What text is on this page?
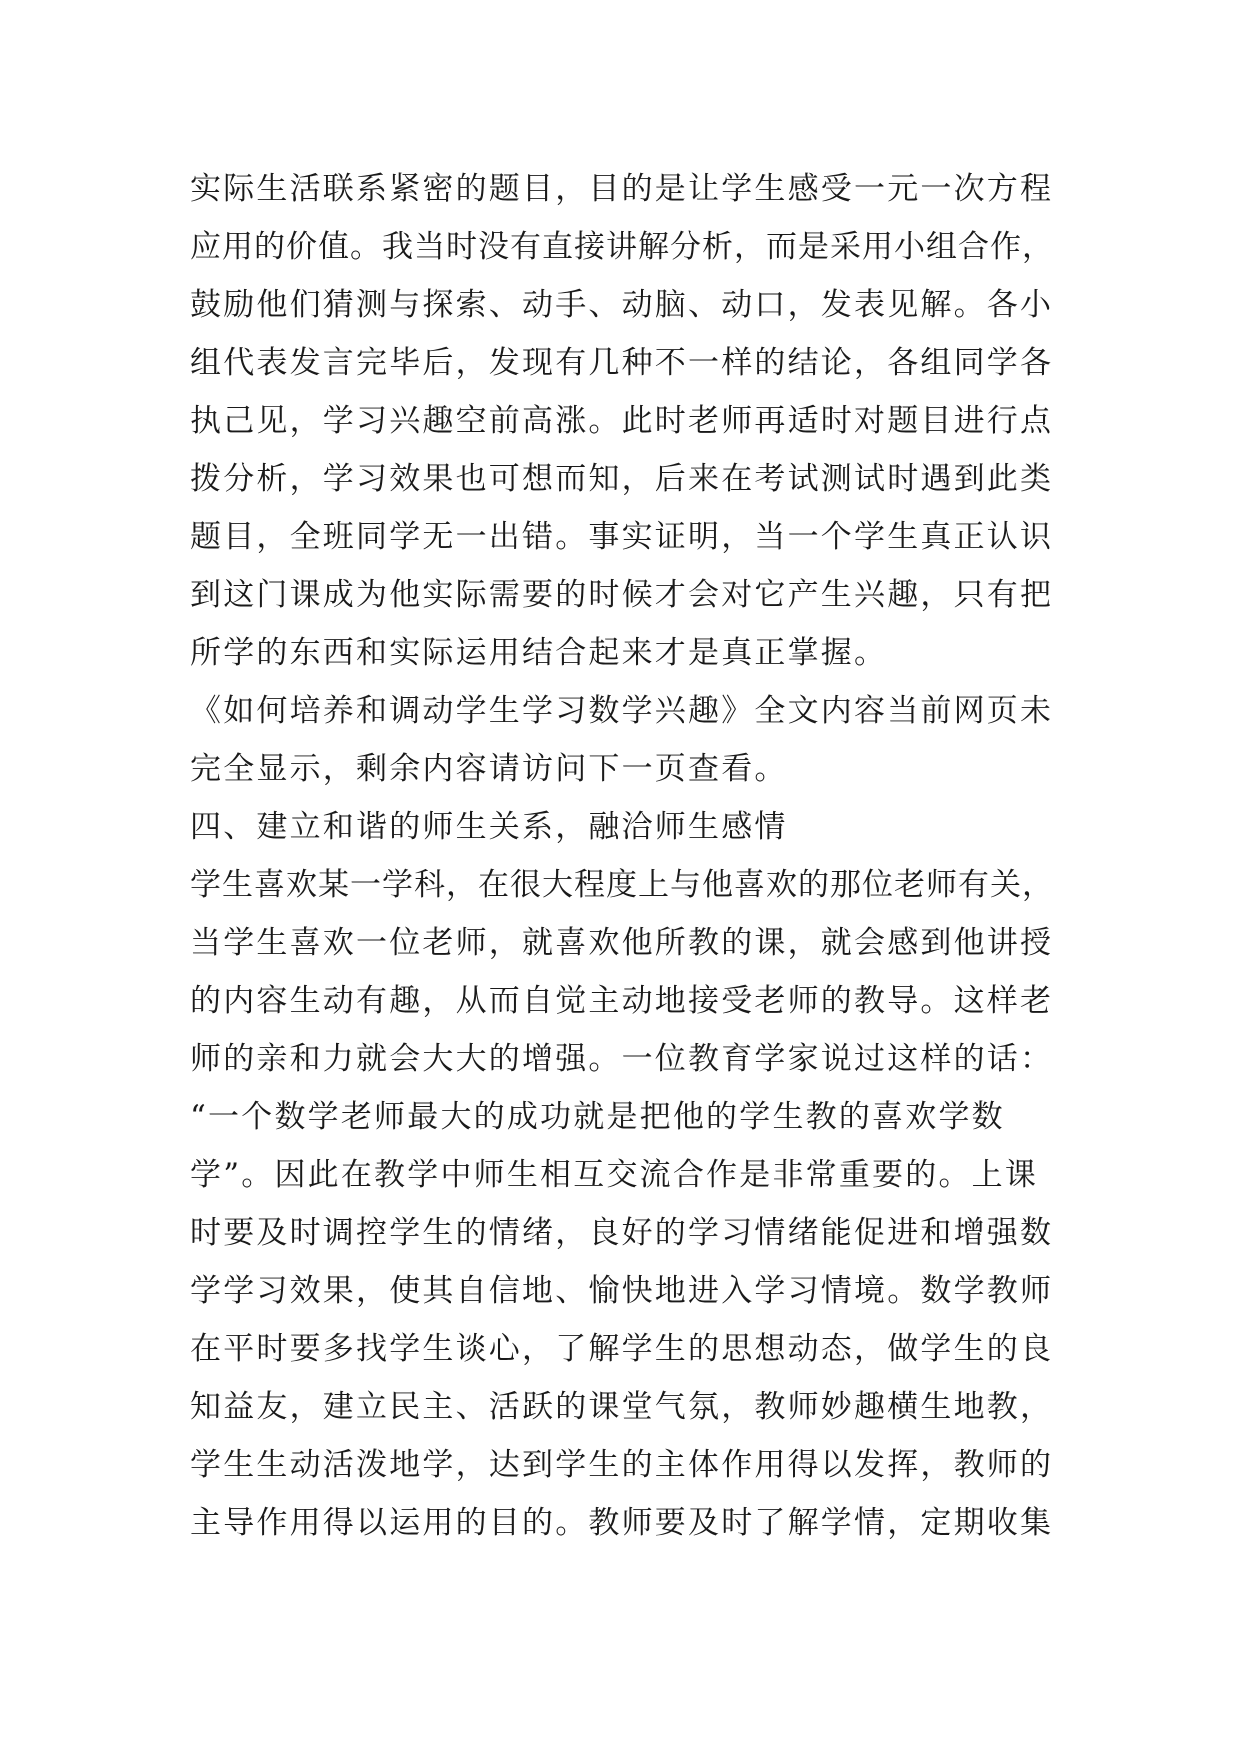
实际生活联系紧密的题目，目的是让学生感受一元一次方程
应用的价值。我当时没有直接讲解分析，而是采用小组合作，
鼓励他们猜测与探索、动手、动脑、动口，发表见解。各小
组代表发言完毕后，发现有几种不一样的结论，各组同学各
执己见，学习兴趣空前高涨。此时老师再适时对题目进行点
拨分析，学习效果也可想而知，后来在考试测试时遇到此类
题目，全班同学无一出错。事实证明，当一个学生真正认识
到这门课成为他实际需要的时候才会对它产生兴趣，只有把
所学的东西和实际运用结合起来才是真正掌握。
《如何培养和调动学生学习数学兴趣》全文内容当前网页未
完全显示，剩余内容请访问下一页查看。
四、建立和谐的师生关系，融洽师生感情
学生喜欢某一学科，在很大程度上与他喜欢的那位老师有关，
当学生喜欢一位老师，就喜欢他所教的课，就会感到他讲授
的内容生动有趣，从而自觉主动地接受老师的教导。这样老
师的亲和力就会大大的增强。一位教育学家说过这样的话：
“一个数学老师最大的成功就是把他的学生教的喜欢学数
学”。因此在教学中师生相互交流合作是非常重要的。上课
时要及时调控学生的情绪，良好的学习情绪能促进和增强数
学学习效果，使其自信地、愉快地进入学习情境。数学教师
在平时要多找学生谈心，了解学生的思想动态，做学生的良
知益友，建立民主、活跃的课堂气氛，教师妙趣横生地教，
学生生动活泼地学，达到学生的主体作用得以发挥，教师的
主导作用得以运用的目的。教师要及时了解学情，定期收集
